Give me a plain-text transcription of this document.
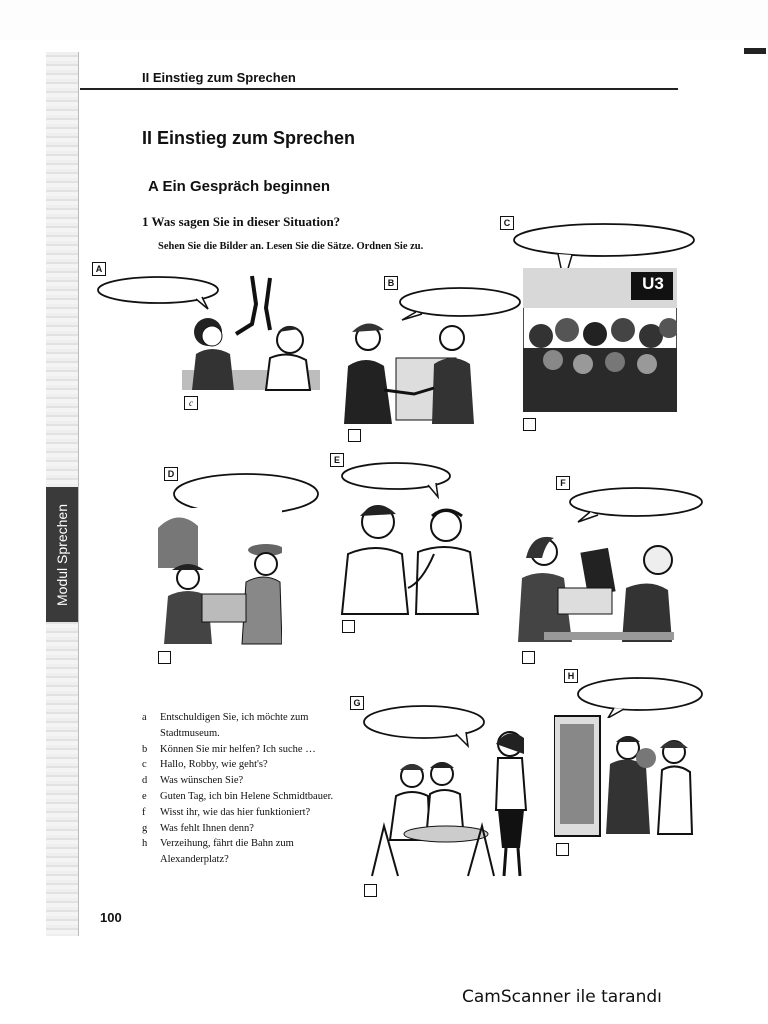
Modul Sprechen
II Einstieg zum Sprechen
II Einstieg zum Sprechen
A Ein Gespräch beginnen
1 Was sagen Sie in dieser Situation?
Sehen Sie die Bilder an. Lesen Sie die Sätze. Ordnen Sie zu.
A
c
B
C
U3
D
E
F
G
H
a	Entschuldigen Sie, ich möchte zum
Stadtmuseum.
b	Können Sie mir helfen? Ich suche …
c	Hallo, Robby, wie geht's?
d	Was wünschen Sie?
e	Guten Tag, ich bin Helene Schmidtbauer.
f	Wisst ihr, wie das hier funktioniert?
g	Was fehlt Ihnen denn?
h	Verzeihung, fährt die Bahn zum
Alexanderplatz?
100
CamScanner ile tarandı
